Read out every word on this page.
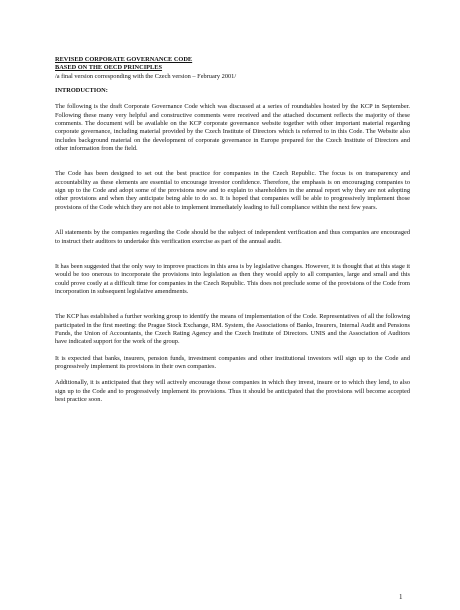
REVISED CORPORATE GOVERNANCE CODE
BASED ON THE OECD PRINCIPLES
/a final version corresponding with the Czech version – February 2001/
INTRODUCTION:

The following is the draft Corporate Governance Code which was discussed at a series of roundtables hosted by the KCP in September. Following these many very helpful and constructive comments were received and the attached document reflects the majority of these comments. The document will be available on the KCP corporate governance website together with other important material regarding corporate governance, including material provided by the Czech Institute of Directors which is referred to in this Code. The Website also includes background material on the development of corporate governance in Europe prepared for the Czech Institute of Directors and other information from the field.

The Code has been designed to set out the best practice for companies in the Czech Republic. The focus is on transparency and accountability as these elements are essential to encourage investor confidence. Therefore, the emphasis is on encouraging companies to sign up to the Code and adopt some of the provisions now and to explain to shareholders in the annual report why they are not adopting other provisions and when they anticipate being able to do so. It is hoped that companies will be able to progressively implement those provisions of the Code which they are not able to implement immediately leading to full compliance within the next few years.

All statements by the companies regarding the Code should be the subject of independent verification and thus companies are encouraged to instruct their auditors to undertake this verification exercise as part of the annual audit.

It has been suggested that the only way to improve practices in this area is by legislative changes. However, it is thought that at this stage it would be too onerous to incorporate the provisions into legislation as then they would apply to all companies, large and small and this could prove costly at a difficult time for companies in the Czech Republic. This does not preclude some of the provisions of the Code from incorporation in subsequent legislative amendments.

The KCP has established a further working group to identify the means of implementation of the Code. Representatives of all the following participated in the first meeting: the Prague Stock Exchange, RM. System, the Associations of Banks, Insurers, Internal Audit and Pensions Funds, the Union of Accountants, the Czech Rating Agency and the Czech Institute of Directors. UNIS and the Association of Auditors have indicated support for the work of the group.

It is expected that banks, insurers, pension funds, investment companies and other institutional investors will sign up to the Code and progressively implement its provisions in their own companies.

Additionally, it is anticipated that they will actively encourage those companies in which they invest, insure or to which they lend, to also sign up to the Code and to progressively implement its provisions. Thus it should be anticipated that the provisions will become accepted best practice soon.

1
